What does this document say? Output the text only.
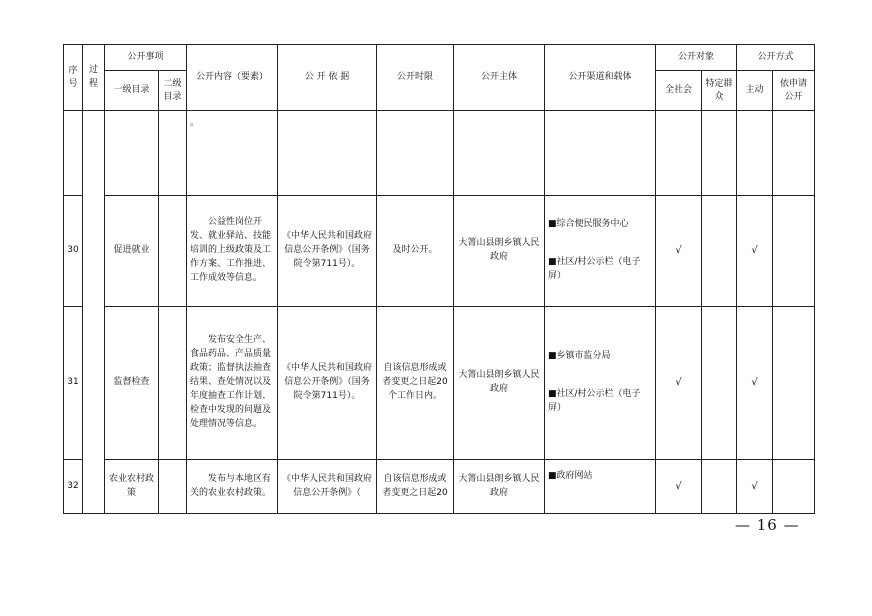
序号	过程	公开事项		公开内容（要素）	公 开 依 据	公开时限	公开主体	公开渠道和载体	公开对象		公开方式	
		一级目录	二级目录						全社会	特定群众	主动	依申请公开

				。								

30		促进就业		公益性岗位开发、就业驿站、技能培训的上级政策及工作方案、工作推进、工作成效等信息。	《中华人民共和国政府信息公开条例》（国务院令第711号）。	及时公开。	大箐山县朗乡镇人民政府	■综合便民服务中心
■社区/村公示栏（电子屏）	√		√	
31		监督检查		发布安全生产、食品药品、产品质量政策；监督执法抽查结果、查处情况以及年度抽查工作计划、检查中发现的问题及处理情况等信息。	《中华人民共和国政府信息公开条例》（国务院令第711号）。	自该信息形成或者变更之日起20个工作日内。	大箐山县朗乡镇人民政府	■乡镇市监分局
■社区/村公示栏（电子屏）	√		√	
32		农业农村政策		发布与本地区有关的农业农村政策。	《中华人民共和国政府信息公开条例》（	自该信息形成或者变更之日起20	大箐山县朗乡镇人民政府	■政府网站	√		√	
— 16 —
